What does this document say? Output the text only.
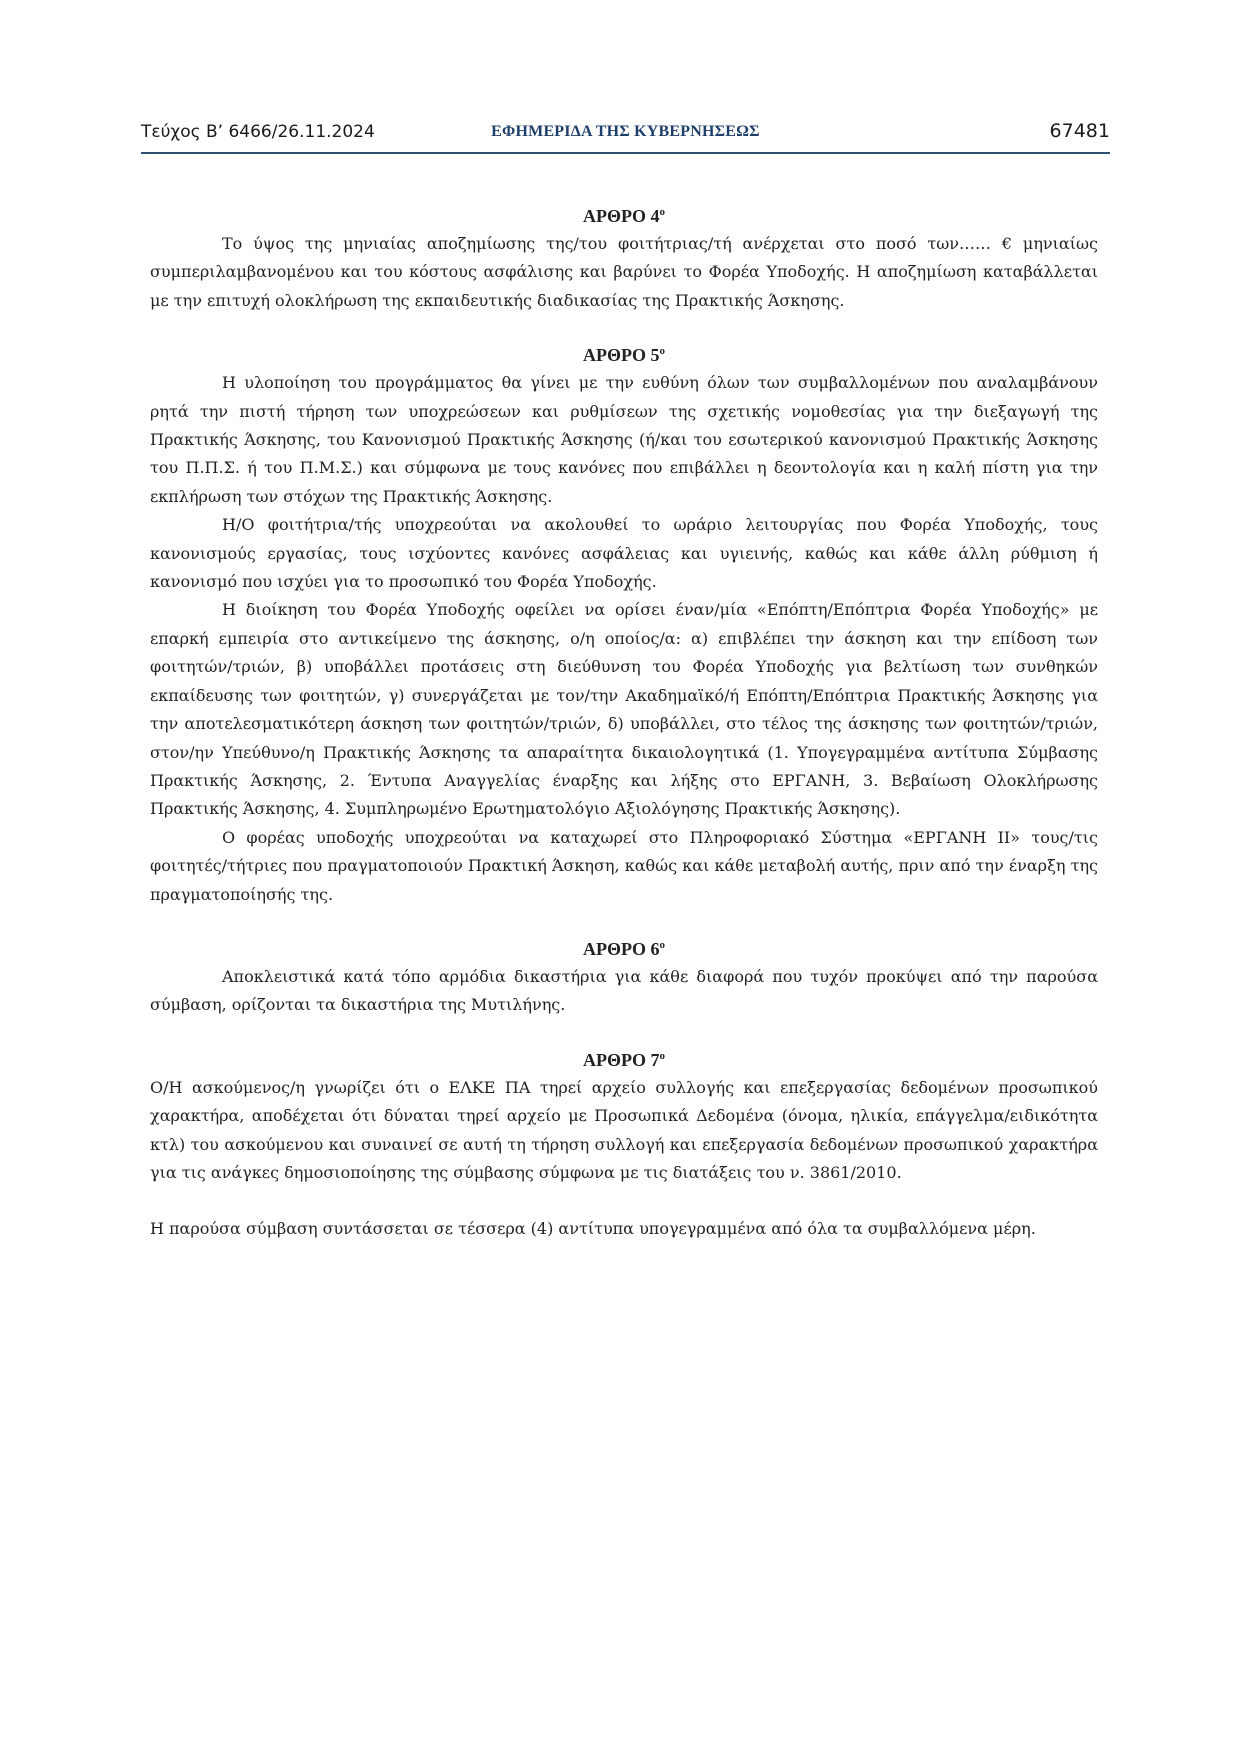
Τεύχος Β’ 6466/26.11.2024	ΕΦΗΜΕΡΙΔΑ ΤΗΣ ΚΥΒΕΡΝΗΣΕΩΣ	67481
ΑΡΘΡΟ $4^o$

Το ύψος της μηνιαίας αποζημίωσης της/του φοιτήτριας/τή ανέρχεται στο ποσό των…… € μηνιαίως συμπεριλαμβανομένου και του κόστους ασφάλισης και βαρύνει το Φορέα Υποδοχής. Η αποζημίωση καταβάλλεται με την επιτυχή ολοκλήρωση της εκπαιδευτικής διαδικασίας της Πρακτικής Άσκησης.

ΑΡΘΡΟ $5^o$

Η υλοποίηση του προγράμματος θα γίνει με την ευθύνη όλων των συμβαλλομένων που αναλαμβάνουν ρητά την πιστή τήρηση των υποχρεώσεων και ρυθμίσεων της σχετικής νομοθεσίας για την διεξαγωγή της Πρακτικής Άσκησης, του Κανονισμού Πρακτικής Άσκησης (ή/και του εσωτερικού κανονισμού Πρακτικής Άσκησης του Π.Π.Σ. ή του Π.Μ.Σ.) και σύμφωνα με τους κανόνες που επιβάλλει η δεοντολογία και η καλή πίστη για την εκπλήρωση των στόχων της Πρακτικής Άσκησης.

Η/Ο φοιτήτρια/τής υποχρεούται να ακολουθεί το ωράριο λειτουργίας που Φορέα Υποδοχής, τους κανονισμούς εργασίας, τους ισχύοντες κανόνες ασφάλειας και υγιεινής, καθώς και κάθε άλλη ρύθμιση ή κανονισμό που ισχύει για το προσωπικό του Φορέα Υποδοχής.

Η διοίκηση του Φορέα Υποδοχής οφείλει να ορίσει έναν/μία «Επόπτη/Επόπτρια Φορέα Υποδοχής» με επαρκή εμπειρία στο αντικείμενο της άσκησης, ο/η οποίος/α: α) επιβλέπει την άσκηση και την επίδοση των φοιτητών/τριών, β) υποβάλλει προτάσεις στη διεύθυνση του Φορέα Υποδοχής για βελτίωση των συνθηκών εκπαίδευσης των φοιτητών, γ) συνεργάζεται με τον/την Ακαδημαϊκό/ή Επόπτη/Επόπτρια Πρακτικής Άσκησης για την αποτελεσματικότερη άσκηση των φοιτητών/τριών, δ) υποβάλλει, στο τέλος της άσκησης των φοιτητών/τριών, στον/ην Υπεύθυνο/η Πρακτικής Άσκησης τα απαραίτητα δικαιολογητικά (1. Υπογεγραμμένα αντίτυπα Σύμβασης Πρακτικής Άσκησης, 2. Έντυπα Αναγγελίας έναρξης και λήξης στο ΕΡΓΑΝΗ, 3. Βεβαίωση Ολοκλήρωσης Πρακτικής Άσκησης, 4. Συμπληρωμένο Ερωτηματολόγιο Αξιολόγησης Πρακτικής Άσκησης).

Ο φορέας υποδοχής υποχρεούται να καταχωρεί στο Πληροφοριακό Σύστημα «ΕΡΓΑΝΗ ΙΙ» τους/τις φοιτητές/τήτριες που πραγματοποιούν Πρακτική Άσκηση, καθώς και κάθε μεταβολή αυτής, πριν από την έναρξη της πραγματοποίησής της.

ΑΡΘΡΟ $6^o$

Αποκλειστικά κατά τόπο αρμόδια δικαστήρια για κάθε διαφορά που τυχόν προκύψει από την παρούσα σύμβαση, ορίζονται τα δικαστήρια της Μυτιλήνης.

ΑΡΘΡΟ $7^o$

Ο/Η ασκούμενος/η γνωρίζει ότι ο ΕΛΚΕ ΠΑ τηρεί αρχείο συλλογής και επεξεργασίας δεδομένων προσωπικού χαρακτήρα, αποδέχεται ότι δύναται τηρεί αρχείο με Προσωπικά Δεδομένα (όνομα, ηλικία, επάγγελμα/ειδικότητα κτλ) του ασκούμενου και συναινεί σε αυτή τη τήρηση συλλογή και επεξεργασία δεδομένων προσωπικού χαρακτήρα για τις ανάγκες δημοσιοποίησης της σύμβασης σύμφωνα με τις διατάξεις του ν. 3861/2010.

Η παρούσα σύμβαση συντάσσεται σε τέσσερα (4) αντίτυπα υπογεγραμμένα από όλα τα συμβαλλόμενα μέρη.
